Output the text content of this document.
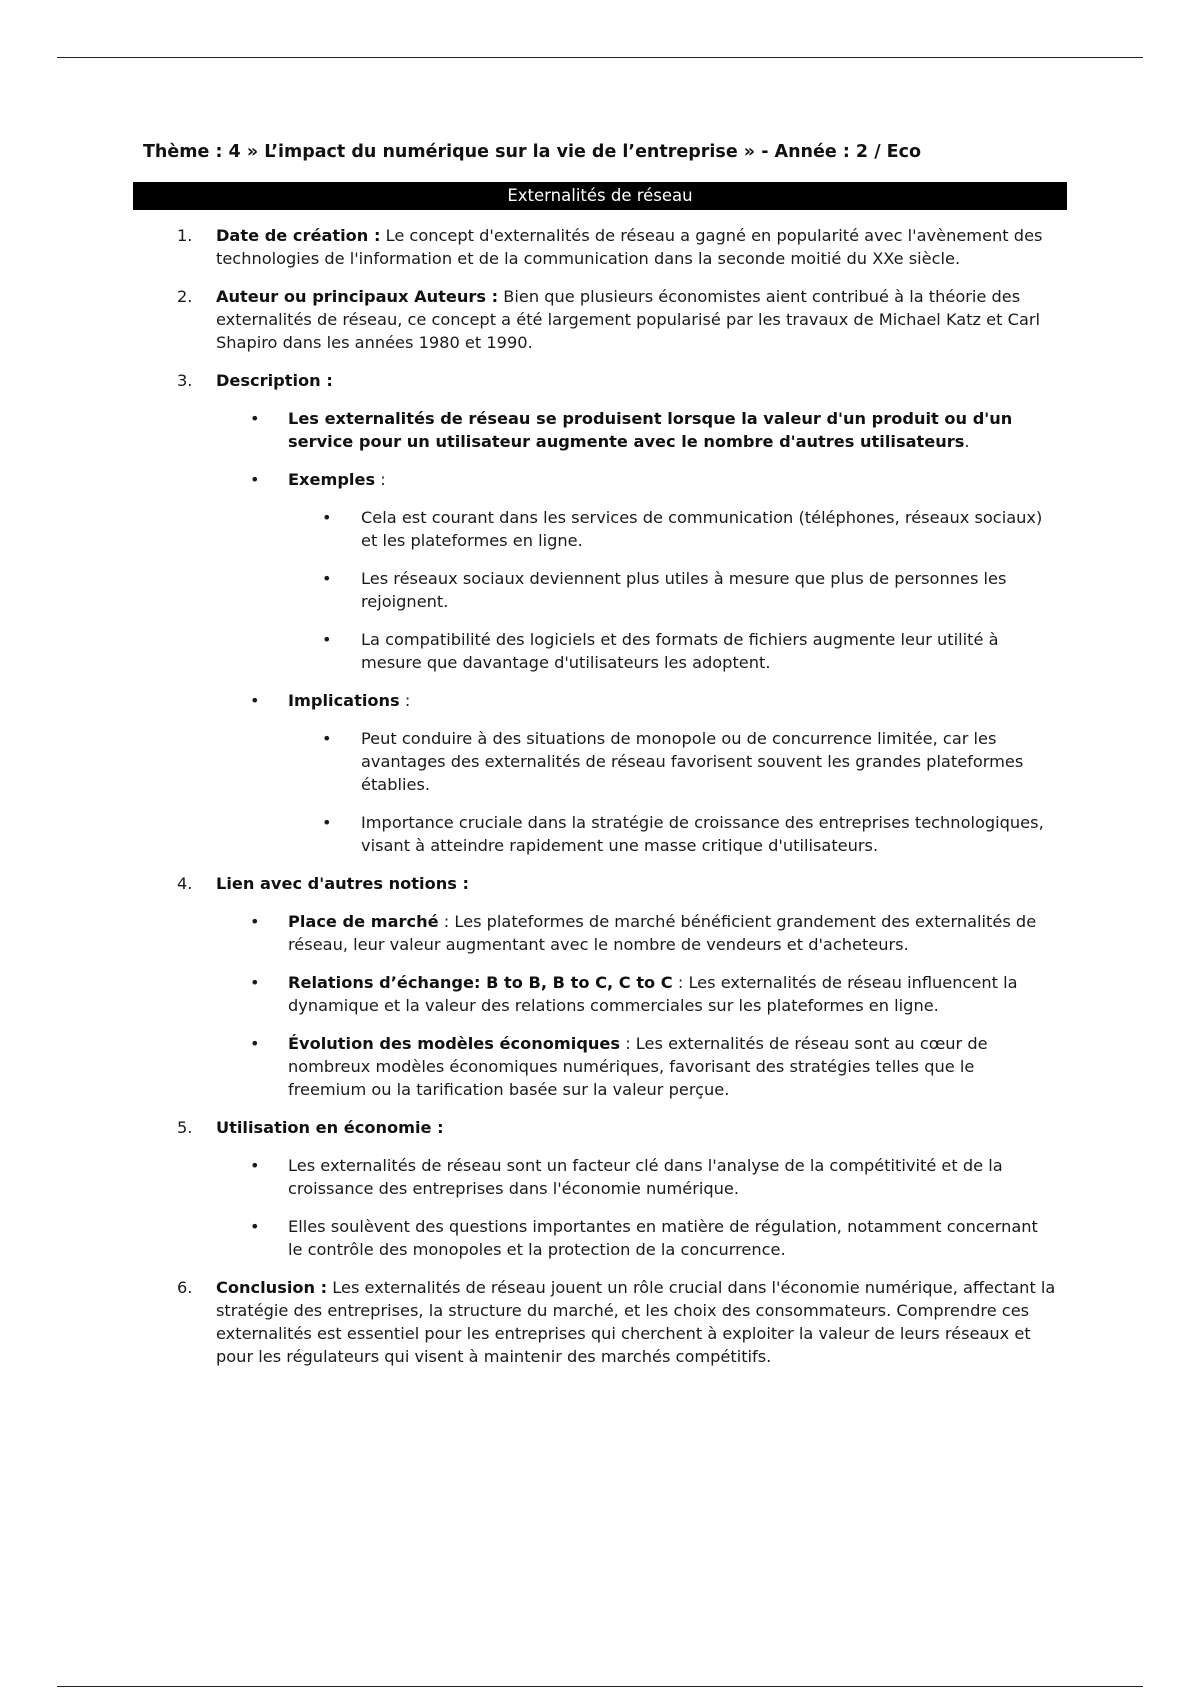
Thème : 4 » L’impact du numérique sur la vie de l’entreprise » - Année : 2 / Eco
Externalités de réseau
1.	Date de création : Le concept d'externalités de réseau a gagné en popularité avec l'avènement des technologies de l'information et de la communication dans la seconde moitié du XXe siècle.
2.	Auteur ou principaux Auteurs : Bien que plusieurs économistes aient contribué à la théorie des externalités de réseau, ce concept a été largement popularisé par les travaux de Michael Katz et Carl Shapiro dans les années 1980 et 1990.
3.	Description :
• Les externalités de réseau se produisent lorsque la valeur d'un produit ou d'un service pour un utilisateur augmente avec le nombre d'autres utilisateurs.
• Exemples :
• Cela est courant dans les services de communication (téléphones, réseaux sociaux) et les plateformes en ligne.
• Les réseaux sociaux deviennent plus utiles à mesure que plus de personnes les rejoignent.
• La compatibilité des logiciels et des formats de fichiers augmente leur utilité à mesure que davantage d'utilisateurs les adoptent.
• Implications :
• Peut conduire à des situations de monopole ou de concurrence limitée, car les avantages des externalités de réseau favorisent souvent les grandes plateformes établies.
• Importance cruciale dans la stratégie de croissance des entreprises technologiques, visant à atteindre rapidement une masse critique d'utilisateurs.
4.	Lien avec d'autres notions :
• Place de marché : Les plateformes de marché bénéficient grandement des externalités de réseau, leur valeur augmentant avec le nombre de vendeurs et d'acheteurs.
• Relations d’échange: B to B, B to C, C to C : Les externalités de réseau influencent la dynamique et la valeur des relations commerciales sur les plateformes en ligne.
• Évolution des modèles économiques : Les externalités de réseau sont au cœur de nombreux modèles économiques numériques, favorisant des stratégies telles que le freemium ou la tarification basée sur la valeur perçue.
5.	Utilisation en économie :
• Les externalités de réseau sont un facteur clé dans l'analyse de la compétitivité et de la croissance des entreprises dans l'économie numérique.
• Elles soulèvent des questions importantes en matière de régulation, notamment concernant le contrôle des monopoles et la protection de la concurrence.
6.	Conclusion : Les externalités de réseau jouent un rôle crucial dans l'économie numérique, affectant la stratégie des entreprises, la structure du marché, et les choix des consommateurs. Comprendre ces externalités est essentiel pour les entreprises qui cherchent à exploiter la valeur de leurs réseaux et pour les régulateurs qui visent à maintenir des marchés compétitifs.
